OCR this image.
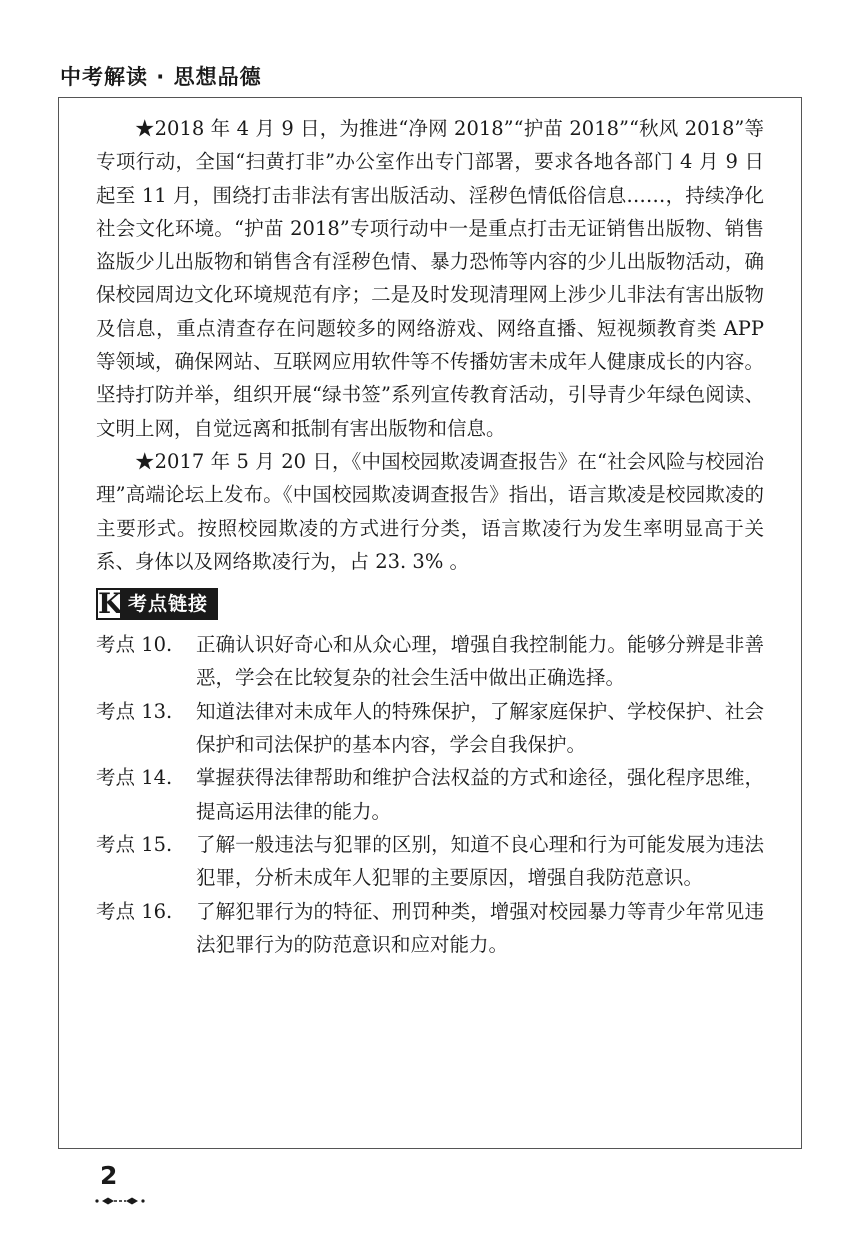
中考解读 · 思想品德

★2018 年 4 月 9 日，为推进“净网 2018”“护苗 2018”“秋风 2018”等专项行动，全国“扫黄打非”办公室作出专门部署，要求各地各部门 4 月 9 日起至 11 月，围绕打击非法有害出版活动、淫秽色情低俗信息……，持续净化社会文化环境。“护苗 2018”专项行动中一是重点打击无证销售出版物、销售盗版少儿出版物和销售含有淫秽色情、暴力恐怖等内容的少儿出版物活动，确保校园周边文化环境规范有序；二是及时发现清理网上涉少儿非法有害出版物及信息，重点清查存在问题较多的网络游戏、网络直播、短视频教育类 APP 等领域，确保网站、互联网应用软件等不传播妨害未成年人健康成长的内容。坚持打防并举，组织开展“绿书签”系列宣传教育活动，引导青少年绿色阅读、文明上网，自觉远离和抵制有害出版物和信息。

★2017 年 5 月 20 日，《中国校园欺凌调查报告》在“社会风险与校园治理”高端论坛上发布。《中国校园欺凌调查报告》指出，语言欺凌是校园欺凌的主要形式。按照校园欺凌的方式进行分类，语言欺凌行为发生率明显高于关系、身体以及网络欺凌行为，占 23. 3% 。

K 考点链接
考点 10.	正确认识好奇心和从众心理，增强自我控制能力。能够分辨是非善恶，学会在比较复杂的社会生活中做出正确选择。
考点 13.	知道法律对未成年人的特殊保护，了解家庭保护、学校保护、社会保护和司法保护的基本内容，学会自我保护。
考点 14.	掌握获得法律帮助和维护合法权益的方式和途径，强化程序思维，提高运用法律的能力。
考点 15.	了解一般违法与犯罪的区别，知道不良心理和行为可能发展为违法犯罪，分析未成年人犯罪的主要原因，增强自我防范意识。
考点 16.	了解犯罪行为的特征、刑罚种类，增强对校园暴力等青少年常见违法犯罪行为的防范意识和应对能力。
2
